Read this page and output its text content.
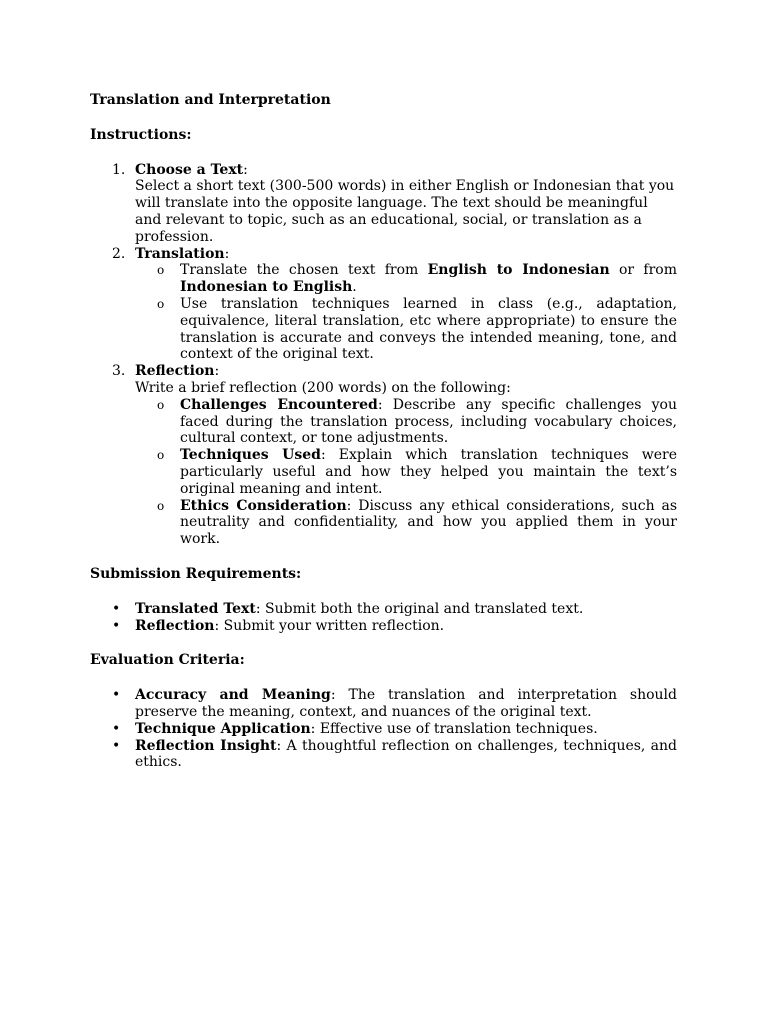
Translation and Interpretation

Instructions:

1. Choose a Text:
Select a short text (300-500 words) in either English or Indonesian that you will translate into the opposite language. The text should be meaningful and relevant to topic, such as an educational, social, or translation as a profession.
2. Translation:
o Translate the chosen text from English to Indonesian or from Indonesian to English.
o Use translation techniques learned in class (e.g., adaptation, equivalence, literal translation, etc where appropriate) to ensure the translation is accurate and conveys the intended meaning, tone, and context of the original text.
3. Reflection:
Write a brief reflection (200 words) on the following:
o Challenges Encountered: Describe any specific challenges you faced during the translation process, including vocabulary choices, cultural context, or tone adjustments.
o Techniques Used: Explain which translation techniques were particularly useful and how they helped you maintain the text’s original meaning and intent.
o Ethics Consideration: Discuss any ethical considerations, such as neutrality and confidentiality, and how you applied them in your work.

Submission Requirements:

• Translated Text: Submit both the original and translated text.
• Reflection: Submit your written reflection.

Evaluation Criteria:

• Accuracy and Meaning: The translation and interpretation should preserve the meaning, context, and nuances of the original text.
• Technique Application: Effective use of translation techniques.
• Reflection Insight: A thoughtful reflection on challenges, techniques, and ethics.
